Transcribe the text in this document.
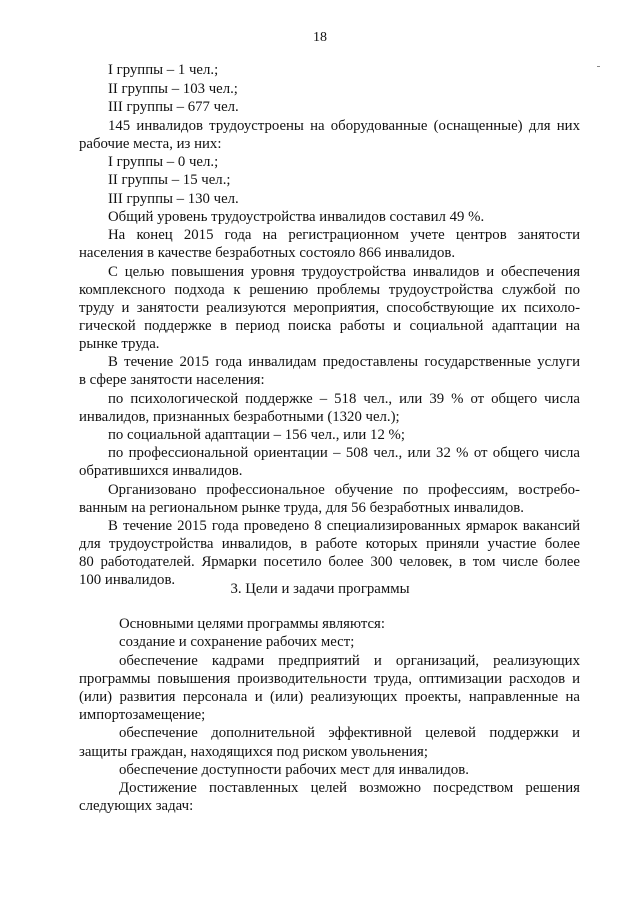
18
I группы – 1 чел.;
II группы – 103 чел.;
III группы – 677 чел.
145 инвалидов трудоустроены на оборудованные (оснащенные) для них
рабочие места, из них:
I группы – 0 чел.;
II группы – 15 чел.;
III группы – 130 чел.
Общий уровень трудоустройства инвалидов составил 49 %.
На конец 2015 года на регистрационном учете центров занятости
населения в качестве безработных состояло 866 инвалидов.
С целью повышения уровня трудоустройства инвалидов и обеспечения
комплексного подхода к решению проблемы трудоустройства службой по
труду и занятости реализуются мероприятия, способствующие их психоло-
гической поддержке в период поиска работы и социальной адаптации на
рынке труда.
В течение 2015 года инвалидам предоставлены государственные услуги
в сфере занятости населения:
по психологической поддержке – 518 чел., или 39 % от общего числа
инвалидов, признанных безработными (1320 чел.);
по социальной адаптации – 156 чел., или 12 %;
по профессиональной ориентации – 508 чел., или 32 % от общего числа
обратившихся инвалидов.
Организовано профессиональное обучение по профессиям, востребо-
ванным на региональном рынке труда, для 56 безработных инвалидов.
В течение 2015 года проведено 8 специализированных ярмарок вакансий
для трудоустройства инвалидов, в работе которых приняли участие более
80 работодателей. Ярмарки посетило более 300 человек, в том числе более
100 инвалидов.
3. Цели и задачи программы
Основными целями программы являются:
создание и сохранение рабочих мест;
обеспечение кадрами предприятий и организаций, реализующих
программы повышения производительности труда, оптимизации расходов и
(или) развития персонала и (или) реализующих проекты, направленные на
импортозамещение;
обеспечение дополнительной эффективной целевой поддержки и
защиты граждан, находящихся под риском увольнения;
обеспечение доступности рабочих мест для инвалидов.
Достижение поставленных целей возможно посредством решения
следующих задач:
